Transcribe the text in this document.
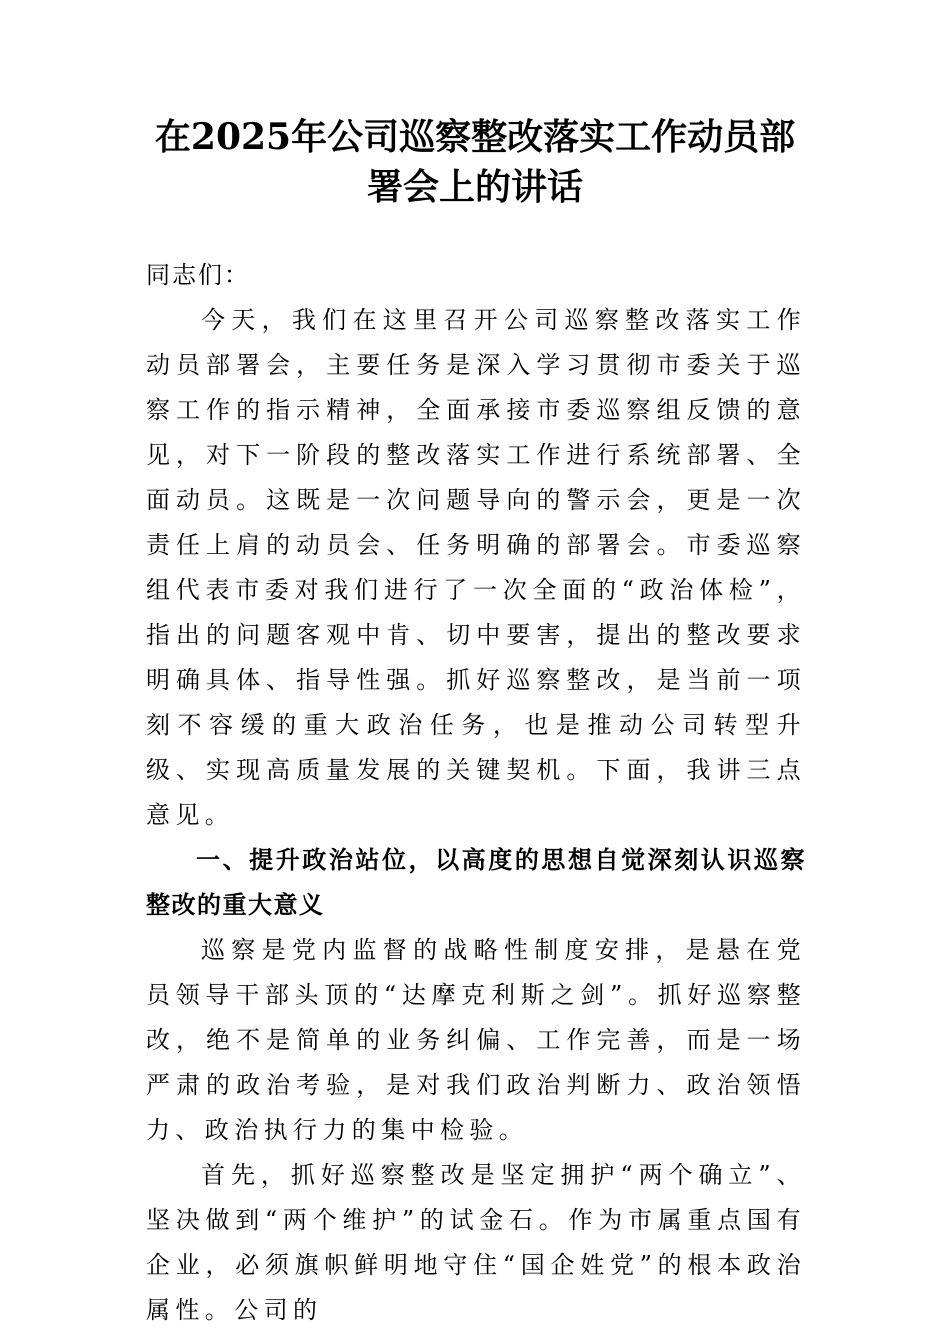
在2025年公司巡察整改落实工作动员部署会上的讲话

同志们：

今天，我们在这里召开公司巡察整改落实工作动员部署会，主要任务是深入学习贯彻市委关于巡察工作的指示精神，全面承接市委巡察组反馈的意见，对下一阶段的整改落实工作进行系统部署、全面动员。这既是一次问题导向的警示会，更是一次责任上肩的动员会、任务明确的部署会。市委巡察组代表市委对我们进行了一次全面的“政治体检”，指出的问题客观中肯、切中要害，提出的整改要求明确具体、指导性强。抓好巡察整改，是当前一项刻不容缓的重大政治任务，也是推动公司转型升级、实现高质量发展的关键契机。下面，我讲三点意见。

一、提升政治站位，以高度的思想自觉深刻认识巡察整改的重大意义

巡察是党内监督的战略性制度安排，是悬在党员领导干部头顶的“达摩克利斯之剑”。抓好巡察整改，绝不是简单的业务纠偏、工作完善，而是一场严肃的政治考验，是对我们政治判断力、政治领悟力、政治执行力的集中检验。

首先，抓好巡察整改是坚定拥护“两个确立”、坚决做到“两个维护”的试金石。作为市属重点国有企业，必须旗帜鲜明地守住“国企姓党”的根本政治属性。公司的
